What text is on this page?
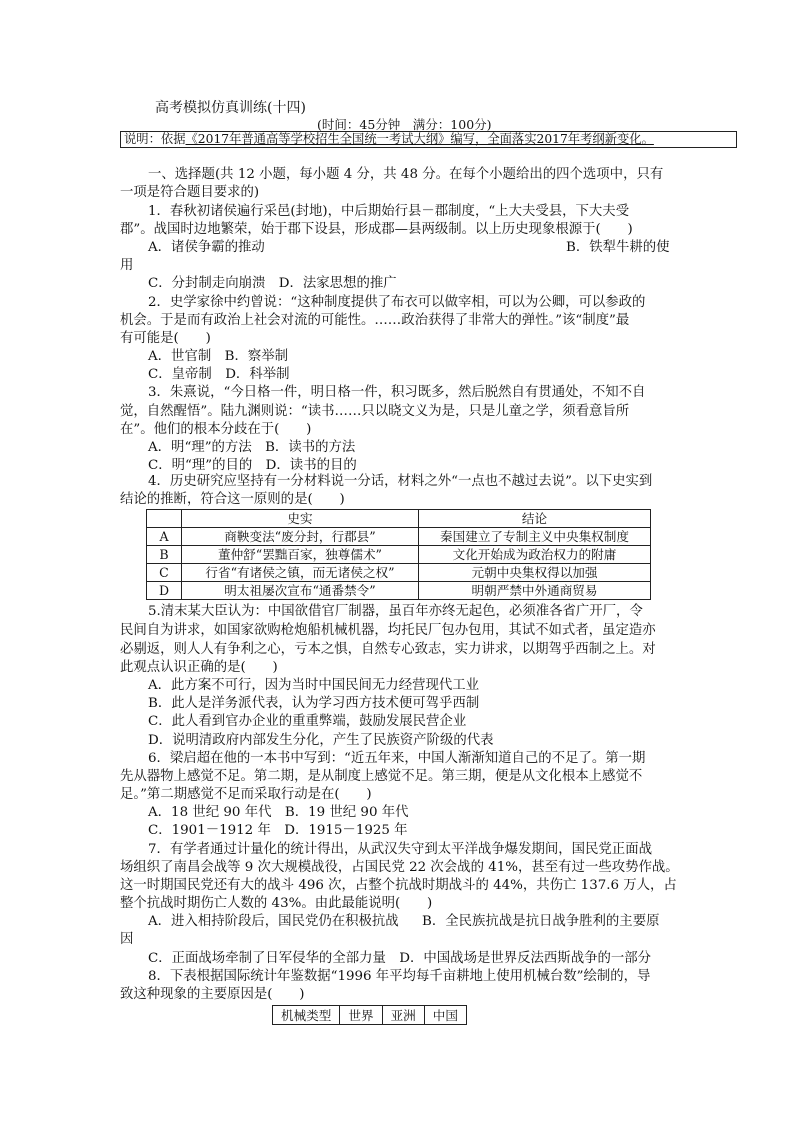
高考模拟仿真训练(十四)
(时间：45分钟　满分：100分)
说明：依据《2017年普通高等学校招生全国统一考试大纲》编写，全面落实2017年考纲新变化。
一、选择题(共 12 小题，每小题 4 分，共 48 分。在每个小题给出的四个选项中，只有
一项是符合题目要求的)
1．春秋初诸侯遍行采邑(封地)，中后期始行县－郡制度，“上大夫受县，下大夫受
郡”。战国时边地繁荣，始于郡下设县，形成郡—县两级制。以上历史现象根源于(　　)
A．诸侯争霸的推动	B．铁犁牛耕的使
用
C．分封制走向崩溃　D．法家思想的推广
2．史学家徐中约曾说：“这种制度提供了布衣可以做宰相，可以为公卿，可以参政的
机会。于是而有政治上社会对流的可能性。……政治获得了非常大的弹性。”该“制度”最
有可能是(　　)
A．世官制　B．察举制
C．皇帝制　D．科举制
3．朱熹说，“今日格一件，明日格一件，积习既多，然后脱然自有贯通处，不知不自
觉，自然醒悟”。陆九渊则说：“读书……只以晓文义为是，只是儿童之学，须看意旨所
在”。他们的根本分歧在于(　　)
A．明“理”的方法　B．读书的方法
C．明“理”的目的　D．读书的目的
4．历史研究应坚持有一分材料说一分话，材料之外“一点也不越过去说”。以下史实到
结论的推断，符合这一原则的是(　　)
	史实	结论
A	商鞅变法“废分封，行郡县”	秦国建立了专制主义中央集权制度
B	董仲舒“罢黜百家，独尊儒术”	文化开始成为政治权力的附庸
C	行省“有诸侯之镇，而无诸侯之权”	元朝中央集权得以加强
D	明太祖屡次宣布“通番禁令”	明朝严禁中外通商贸易
5.清末某大臣认为：中国欲借官厂制器，虽百年亦终无起色，必须准各省广开厂，令
民间自为讲求，如国家欲购枪炮船机械机器，均托民厂包办包用，其试不如式者，虽定造亦
必剔返，则人人有争利之心，亏本之惧，自然专心致志，实力讲求，以期驾乎西制之上。对
此观点认识正确的是(　　)
A．此方案不可行，因为当时中国民间无力经营现代工业
B．此人是洋务派代表，认为学习西方技术便可驾乎西制
C．此人看到官办企业的重重弊端，鼓励发展民营企业
D．说明清政府内部发生分化，产生了民族资产阶级的代表
6．梁启超在他的一本书中写到：“近五年来，中国人渐渐知道自己的不足了。第一期
先从器物上感觉不足。第二期，是从制度上感觉不足。第三期，便是从文化根本上感觉不
足。”第二期感觉不足而采取行动是在(　　)
A．18 世纪 90 年代　B．19 世纪 90 年代
C．1901－1912 年　D．1915－1925 年
7．有学者通过计量化的统计得出，从武汉失守到太平洋战争爆发期间，国民党正面战
场组织了南昌会战等 9 次大规模战役，占国民党 22 次会战的 41%，甚至有过一些攻势作战。
这一时期国民党还有大的战斗 496 次，占整个抗战时期战斗的 44%，共伤亡 137.6 万人，占
整个抗战时期伤亡人数的 43%。由此最能说明(　　)
A．进入相持阶段后，国民党仍在积极抗战 B．全民族抗战是抗日战争胜利的主要原
因
C．正面战场牵制了日军侵华的全部力量　D．中国战场是世界反法西斯战争的一部分
8．下表根据国际统计年鉴数据“1996 年平均每千亩耕地上使用机械台数”绘制的，导
致这种现象的主要原因是(　　)
机械类型	世界	亚洲	中国
